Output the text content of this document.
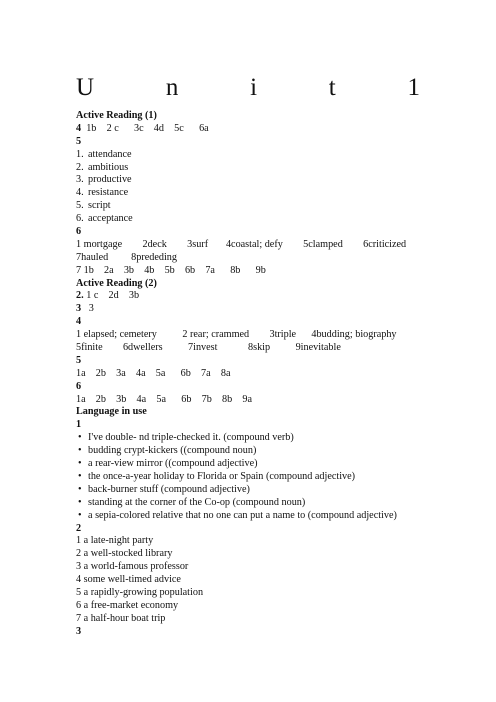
U	n	i	t	1
Active Reading (1)
4  1b    2 c      3c    4d    5c      6a
5
1. attendance
2. ambitious
3. productive
4. resistance
5. script
6. acceptance
6
1 mortgage        2deck        3surf       4coastal; defy        5clamped        6criticized
7hauled         8prededing
7 1b    2a    3b    4b    5b    6b    7a      8b      9b
Active Reading (2)
2. 1 c    2d    3b
3   3
4
1 elapsed; cemetery          2 rear; crammed        3triple      4budding; biography
5finite        6dwellers          7invest            8skip          9inevitable
5
1a    2b    3a    4a    5a      6b    7a    8a
6
1a    2b    3b    4a    5a      6b    7b    8b    9a
Language in use
1
• I've double- nd triple-checked it. (compound verb)
• budding crypt-kickers ((compound noun)
• a rear-view mirror ((compound adjective)
• the once-a-year holiday to Florida or Spain (compound adjective)
• back-burner stuff (compound adjective)
• standing at the corner of the Co-op (compound noun)
• a sepia-colored relative that no one can put a name to (compound adjective)
2
1 a late-night party
2 a well-stocked library
3 a world-famous professor
4 some well-timed advice
5 a rapidly-growing population
6 a free-market economy
7 a half-hour boat trip
3
